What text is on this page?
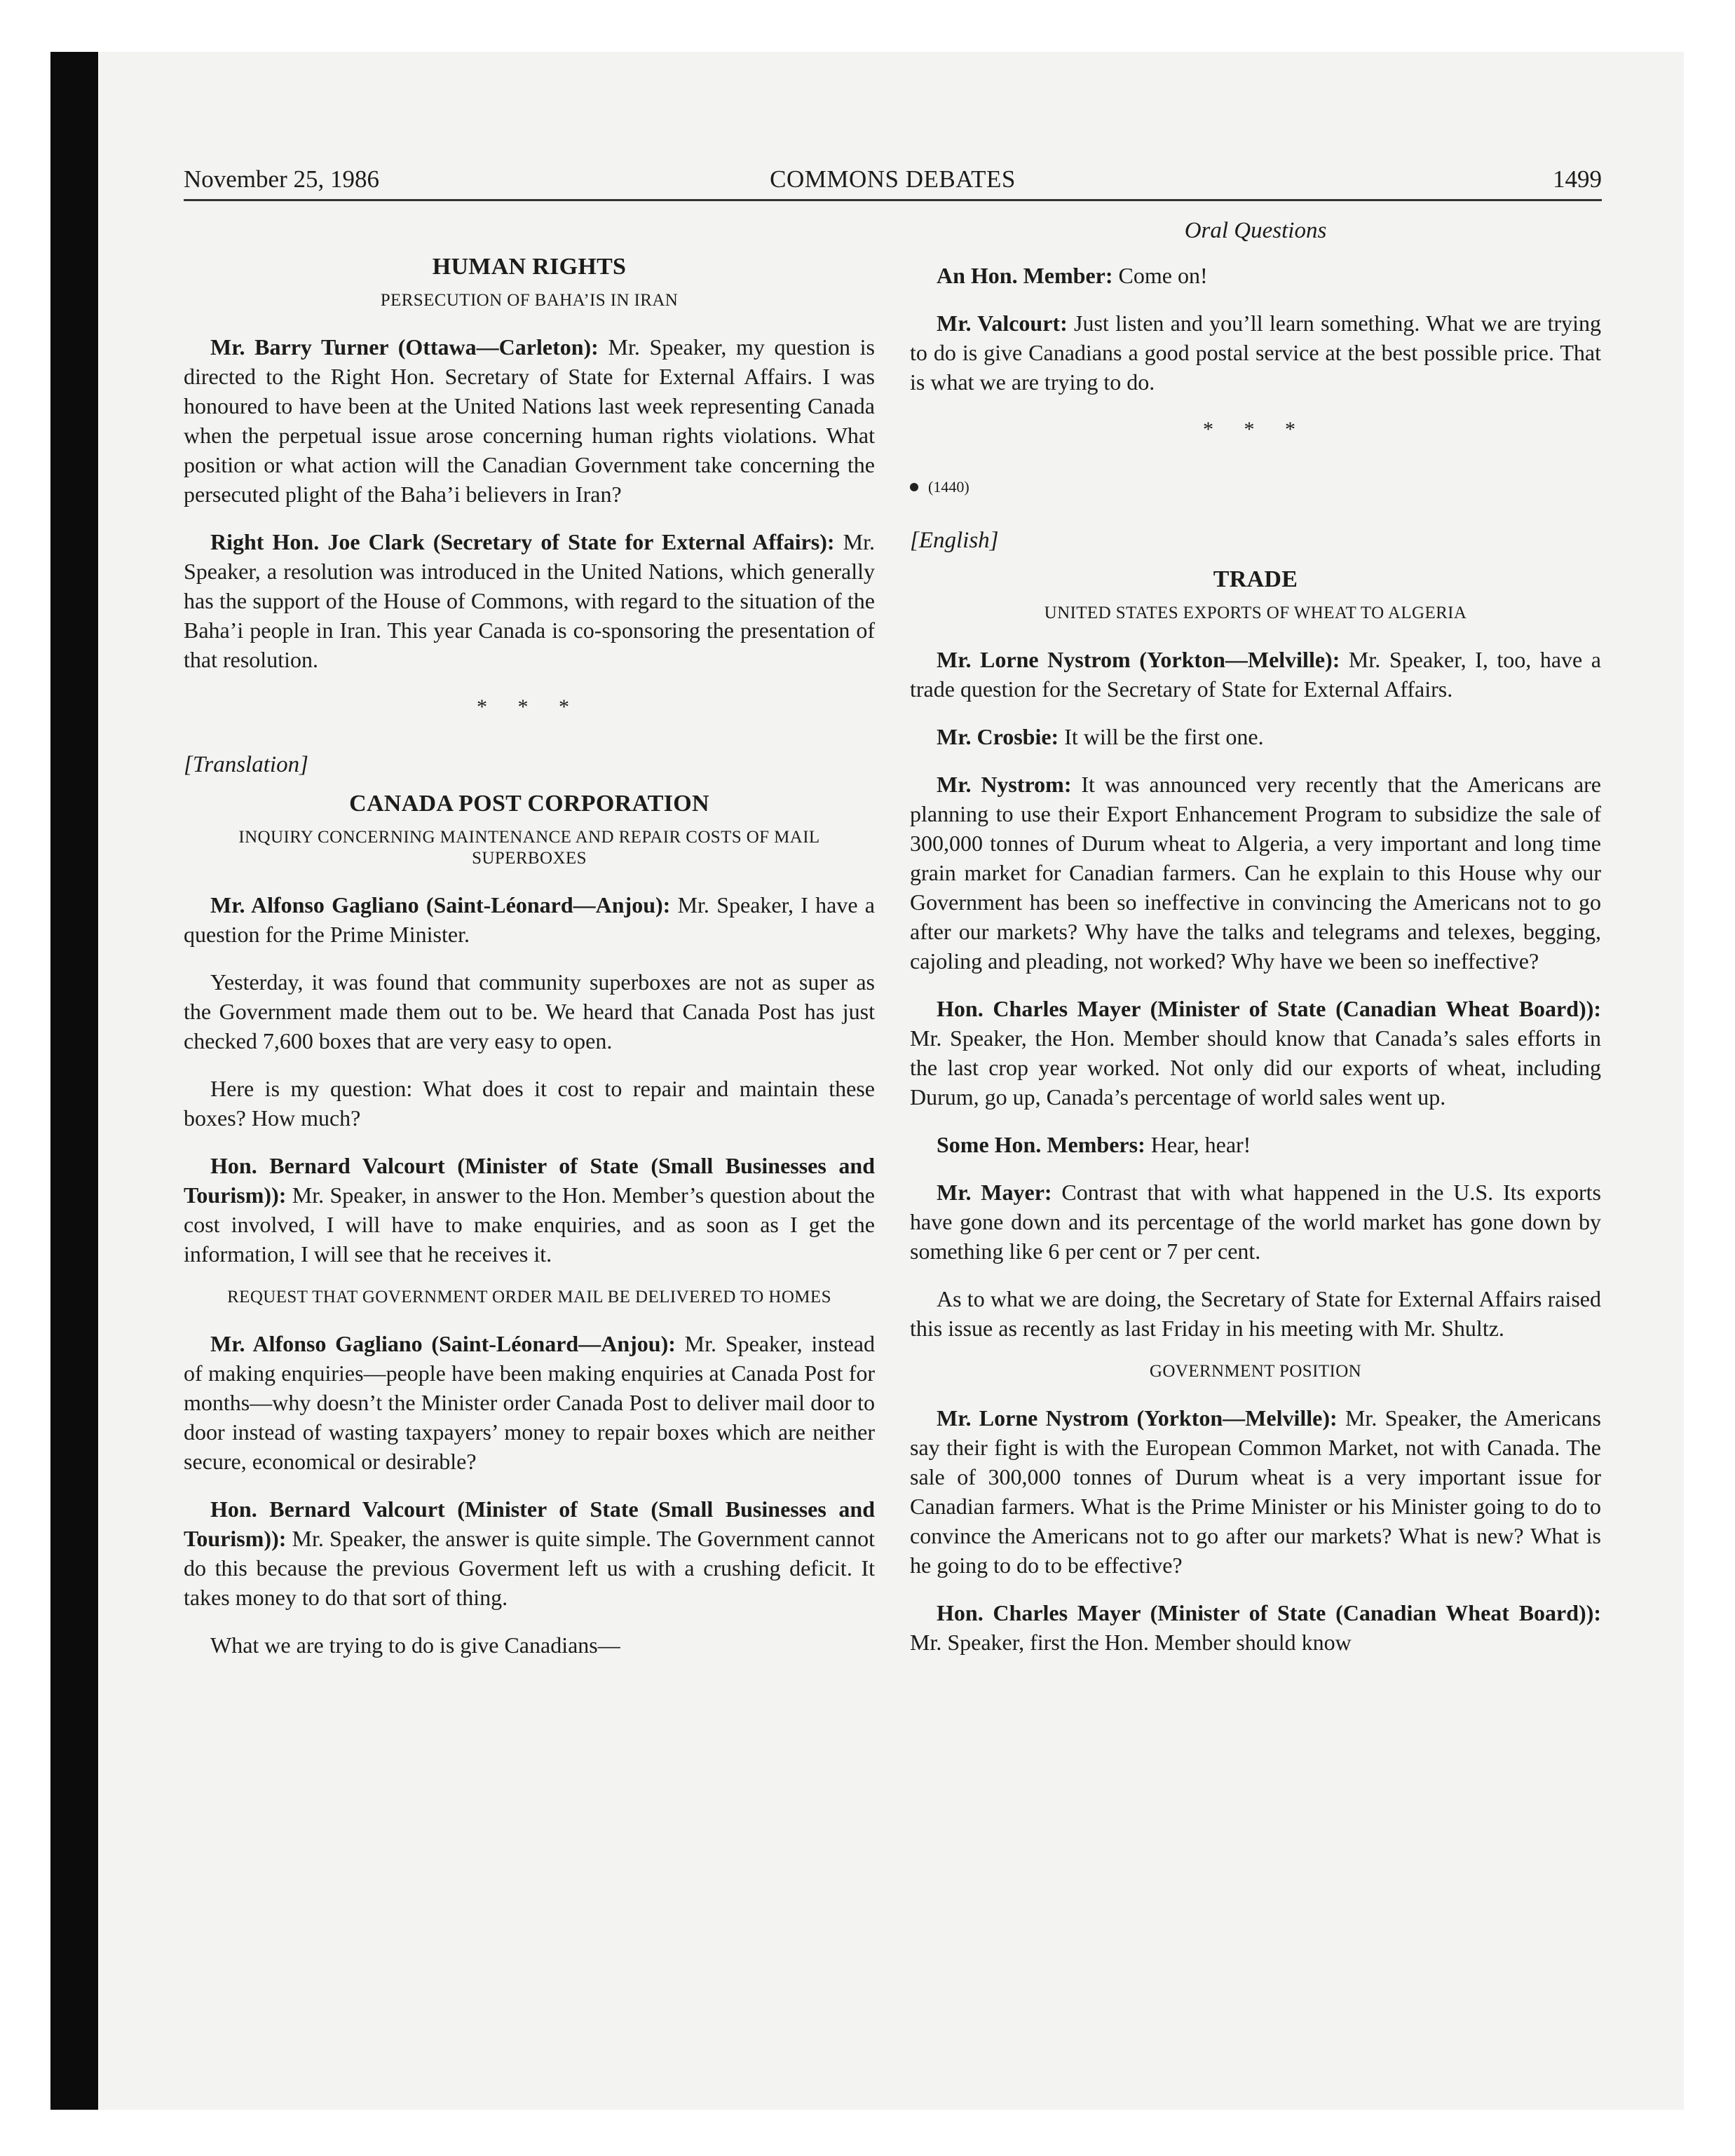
November 25, 1986	COMMONS DEBATES	1499
HUMAN RIGHTS
PERSECUTION OF BAHA’IS IN IRAN

Mr. Barry Turner (Ottawa—Carleton): Mr. Speaker, my question is directed to the Right Hon. Secretary of State for External Affairs. I was honoured to have been at the United Nations last week representing Canada when the perpetual issue arose concerning human rights violations. What position or what action will the Canadian Government take concerning the persecuted plight of the Baha’i believers in Iran?

Right Hon. Joe Clark (Secretary of State for External Affairs): Mr. Speaker, a resolution was introduced in the United Nations, which generally has the support of the House of Commons, with regard to the situation of the Baha’i people in Iran. This year Canada is co-sponsoring the presentation of that resolution.

* * *
[Translation]
CANADA POST CORPORATION
INQUIRY CONCERNING MAINTENANCE AND REPAIR COSTS OF MAIL SUPERBOXES

Mr. Alfonso Gagliano (Saint-Léonard—Anjou): Mr. Speaker, I have a question for the Prime Minister.

Yesterday, it was found that community superboxes are not as super as the Government made them out to be. We heard that Canada Post has just checked 7,600 boxes that are very easy to open.

Here is my question: What does it cost to repair and maintain these boxes? How much?

Hon. Bernard Valcourt (Minister of State (Small Businesses and Tourism)): Mr. Speaker, in answer to the Hon. Member’s question about the cost involved, I will have to make enquiries, and as soon as I get the information, I will see that he receives it.

REQUEST THAT GOVERNMENT ORDER MAIL BE DELIVERED TO HOMES

Mr. Alfonso Gagliano (Saint-Léonard—Anjou): Mr. Speaker, instead of making enquiries—people have been making enquiries at Canada Post for months—why doesn’t the Minister order Canada Post to deliver mail door to door instead of wasting taxpayers’ money to repair boxes which are neither secure, economical or desirable?

Hon. Bernard Valcourt (Minister of State (Small Businesses and Tourism)): Mr. Speaker, the answer is quite simple. The Government cannot do this because the previous Goverment left us with a crushing deficit. It takes money to do that sort of thing.

What we are trying to do is give Canadians—

Oral Questions

An Hon. Member: Come on!

Mr. Valcourt: Just listen and you’ll learn something. What we are trying to do is give Canadians a good postal service at the best possible price. That is what we are trying to do.

* * *
(1440)
[English]
TRADE
UNITED STATES EXPORTS OF WHEAT TO ALGERIA

Mr. Lorne Nystrom (Yorkton—Melville): Mr. Speaker, I, too, have a trade question for the Secretary of State for External Affairs.

Mr. Crosbie: It will be the first one.

Mr. Nystrom: It was announced very recently that the Americans are planning to use their Export Enhancement Program to subsidize the sale of 300,000 tonnes of Durum wheat to Algeria, a very important and long time grain market for Canadian farmers. Can he explain to this House why our Government has been so ineffective in convincing the Americans not to go after our markets? Why have the talks and telegrams and telexes, begging, cajoling and pleading, not worked? Why have we been so ineffective?

Hon. Charles Mayer (Minister of State (Canadian Wheat Board)): Mr. Speaker, the Hon. Member should know that Canada’s sales efforts in the last crop year worked. Not only did our exports of wheat, including Durum, go up, Canada’s percentage of world sales went up.

Some Hon. Members: Hear, hear!

Mr. Mayer: Contrast that with what happened in the U.S. Its exports have gone down and its percentage of the world market has gone down by something like 6 per cent or 7 per cent.

As to what we are doing, the Secretary of State for External Affairs raised this issue as recently as last Friday in his meeting with Mr. Shultz.

GOVERNMENT POSITION

Mr. Lorne Nystrom (Yorkton—Melville): Mr. Speaker, the Americans say their fight is with the European Common Market, not with Canada. The sale of 300,000 tonnes of Durum wheat is a very important issue for Canadian farmers. What is the Prime Minister or his Minister going to do to convince the Americans not to go after our markets? What is new? What is he going to do to be effective?

Hon. Charles Mayer (Minister of State (Canadian Wheat Board)): Mr. Speaker, first the Hon. Member should know
